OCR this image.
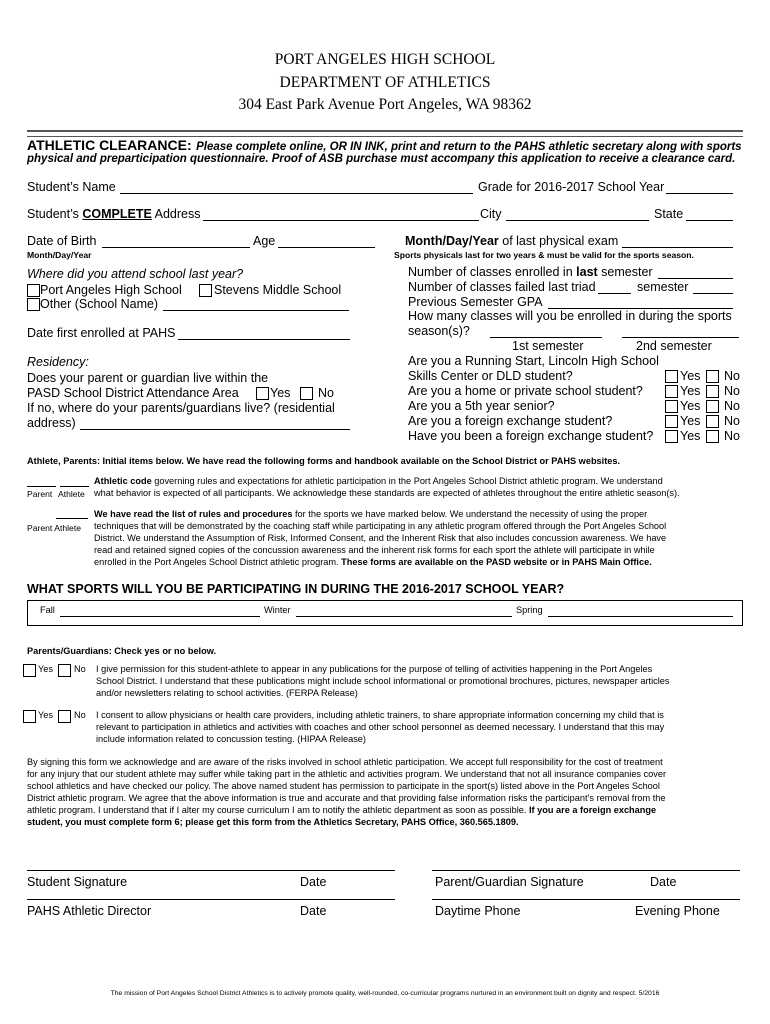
PORT ANGELES HIGH SCHOOL
DEPARTMENT OF ATHLETICS
304 East Park Avenue Port Angeles, WA 98362
ATHLETIC CLEARANCE: Please complete online, OR IN INK, print and return to the PAHS athletic secretary along with sports
physical and preparticipation questionnaire. Proof of ASB purchase must accompany this application to receive a clearance card.
Student’s Name	Grade for 2016-2017 School Year
Student’s COMPLETE Address	City	State
Date of Birth	Age
Month/Day/Year
Month/Day/Year of last physical exam
Sports physicals last for two years & must be valid for the sports season.
Where did you attend school last year?
Port Angeles High School	Stevens Middle School
Other (School Name)
Date first enrolled at PAHS
Residency:
Does your parent or guardian live within the
PASD School District Attendance Area	Yes No
If no, where do your parents/guardians live? (residential
address)
Number of classes enrolled in last semester
Number of classes failed last triad	semester
Previous Semester GPA
How many classes will you be enrolled in during the sports
season(s)?
1st semester	2nd semester
Are you a Running Start, Lincoln High School
Skills Center or DLD student?	Yes No
Are you a home or private school student?	Yes No
Are you a 5th year senior?	Yes No
Are you a foreign exchange student?	Yes No
Have you been a foreign exchange student? Yes No
Athlete, Parents: Initial items below. We have read the following forms and handbook available on the School District or PAHS websites.
Athletic code governing rules and expectations for athletic participation in the Port Angeles School District athletic program. We understand
Parent Athlete what behavior is expected of all participants. We acknowledge these standards are expected of athletes throughout the entire athletic season(s).
We have read the list of rules and procedures for the sports we have marked below. We understand the necessity of using the proper
Parent Athlete techniques that will be demonstrated by the coaching staff while participating in any athletic program offered through the Port Angeles School
District. We understand the Assumption of Risk, Informed Consent, and the Inherent Risk that also includes concussion awareness. We have
read and retained signed copies of the concussion awareness and the inherent risk forms for each sport the athlete will participate in while
enrolled in the Port Angeles School District athletic program. These forms are available on the PASD website or in PAHS Main Office.
WHAT SPORTS WILL YOU BE PARTICIPATING IN DURING THE 2016-2017 SCHOOL YEAR?
Fall	Winter	Spring
Parents/Guardians: Check yes or no below.
Yes No I give permission for this student-athlete to appear in any publications for the purpose of telling of activities happening in the Port Angeles
School District. I understand that these publications might include school informational or promotional brochures, pictures, newspaper articles
and/or newsletters relating to school activities. (FERPA Release)
Yes No I consent to allow physicians or health care providers, including athletic trainers, to share appropriate information concerning my child that is
relevant to participation in athletics and activities with coaches and other school personnel as deemed necessary. I understand that this may
include information related to concussion testing. (HIPAA Release)
By signing this form we acknowledge and are aware of the risks involved in school athletic participation. We accept full responsibility for the cost of treatment
for any injury that our student athlete may suffer while taking part in the athletic and activities program. We understand that not all insurance companies cover
school athletics and have checked our policy. The above named student has permission to participate in the sport(s) listed above in the Port Angeles School
District athletic program. We agree that the above information is true and accurate and that providing false information risks the participant’s removal from the
athletic program. I understand that if I alter my course curriculum I am to notify the athletic department as soon as possible. If you are a foreign exchange
student, you must complete form 6; please get this form from the Athletics Secretary, PAHS Office, 360.565.1809.
Student Signature	Date	Parent/Guardian Signature	Date
PAHS Athletic Director	Date	Daytime Phone	Evening Phone
The mission of Port Angeles School District Athletics is to actively promote quality, well-rounded, co-curricular programs nurtured in an environment built on dignity and respect. 5/2016
